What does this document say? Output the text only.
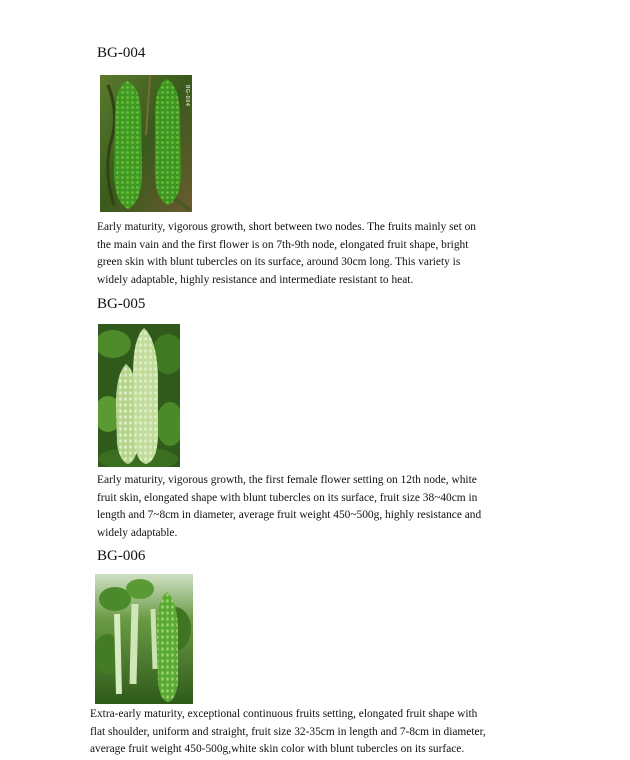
BG-004
BG-004

Early maturity, vigorous growth, short between two nodes. The fruits mainly set on
the main vain and the first flower is on 7th-9th node, elongated fruit shape, bright
green skin with blunt tubercles on its surface, around 30cm long. This variety is
widely adaptable, highly resistance and intermediate resistant to heat.

BG-005

Early maturity, vigorous growth, the first female flower setting on 12th node, white
fruit skin, elongated shape with blunt tubercles on its surface, fruit size 38~40cm in
length and 7~8cm in diameter, average fruit weight 450~500g, highly resistance and
widely adaptable.

BG-006

Extra-early maturity, exceptional continuous fruits setting, elongated fruit shape with
flat shoulder, uniform and straight, fruit size 32-35cm in length and 7-8cm in diameter,
average fruit weight 450-500g,white skin color with blunt tubercles on its surface.
